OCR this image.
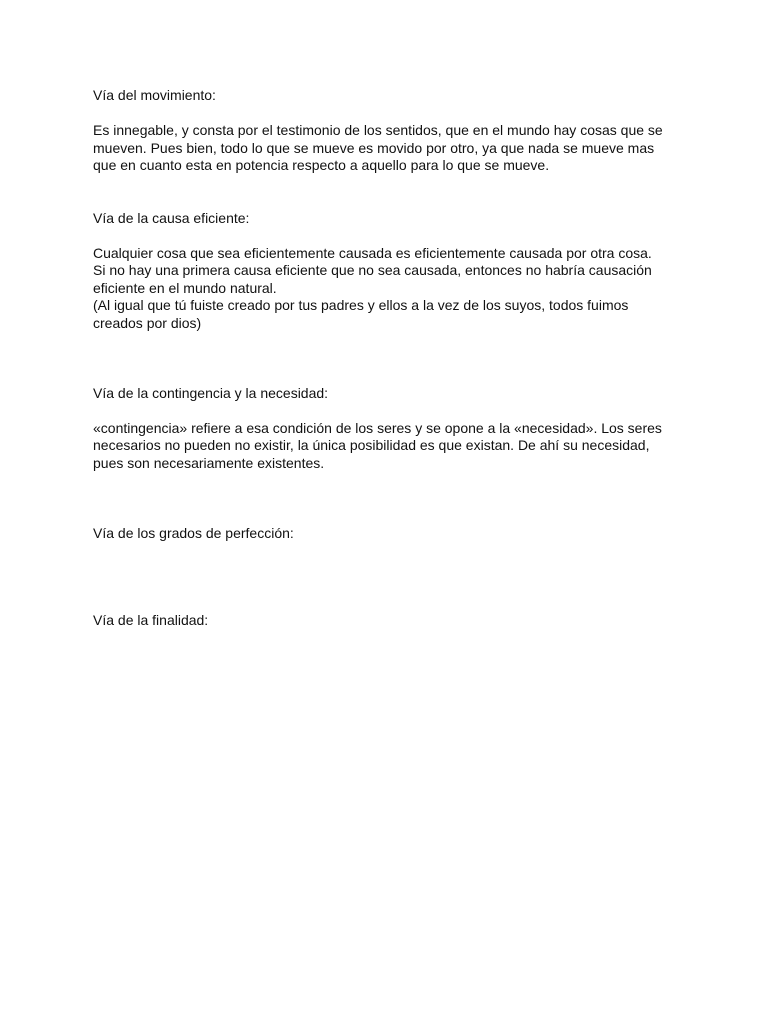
Vía del movimiento:

Es innegable, y consta por el testimonio de los sentidos, que en el mundo hay cosas que se
mueven. Pues bien, todo lo que se mueve es movido por otro, ya que nada se mueve mas
que en cuanto esta en potencia respecto a aquello para lo que se mueve.

Vía de la causa eficiente:

Cualquier cosa que sea eficientemente causada es eficientemente causada por otra cosa.
Si no hay una primera causa eficiente que no sea causada, entonces no habría causación
eficiente en el mundo natural.
(Al igual que tú fuiste creado por tus padres y ellos a la vez de los suyos, todos fuimos
creados por dios)

Vía de la contingencia y la necesidad:

«contingencia» refiere a esa condición de los seres y se opone a la «necesidad». Los seres
necesarios no pueden no existir, la única posibilidad es que existan. De ahí su necesidad,
pues son necesariamente existentes.

Vía de los grados de perfección:
Vía de la finalidad:
